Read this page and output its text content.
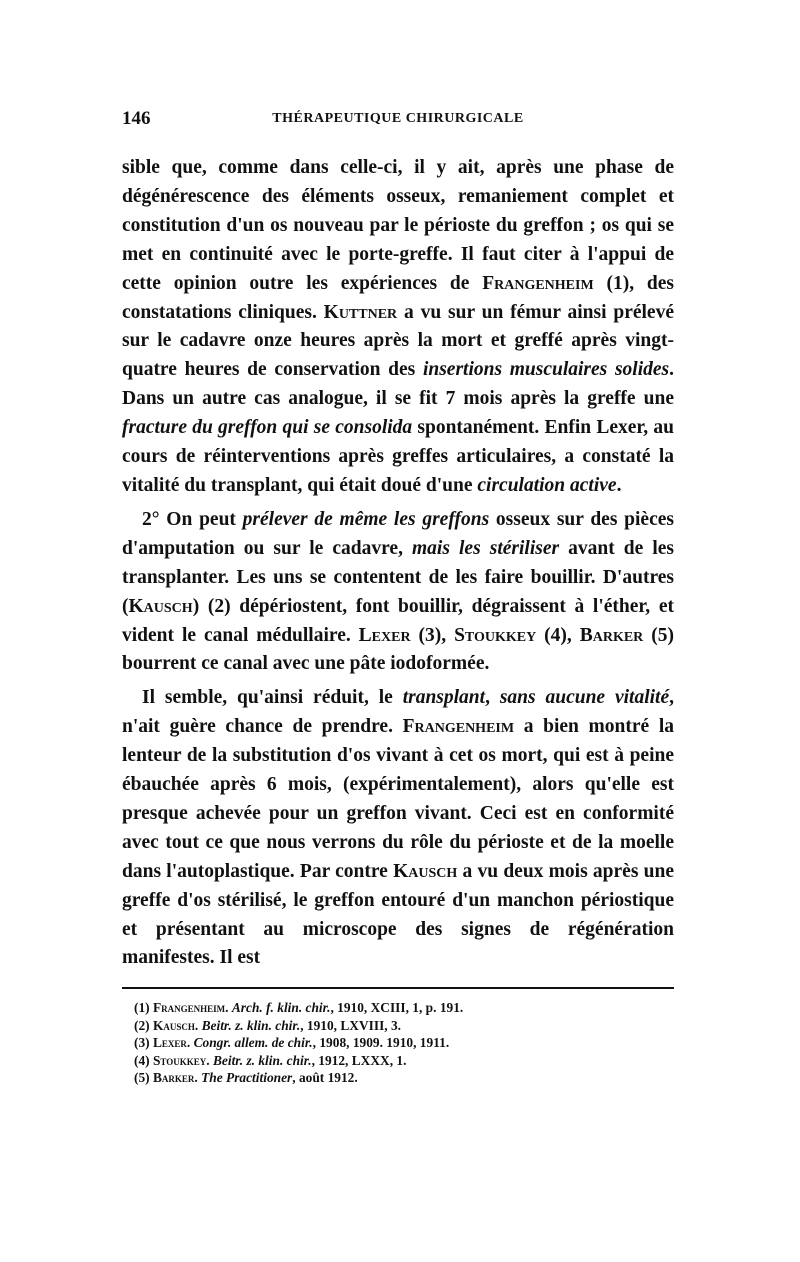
146	THÉRAPEUTIQUE CHIRURGICALE

sible que, comme dans celle-ci, il y ait, après une phase de dégénérescence des éléments osseux, remaniement complet et constitution d'un os nouveau par le périoste du greffon ; os qui se met en continuité avec le porte-greffe. Il faut citer à l'appui de cette opinion outre les expériences de Frangenheim (1), des constatations cliniques. Kuttner a vu sur un fémur ainsi prélevé sur le cadavre onze heures après la mort et greffé après vingt-quatre heures de conservation des insertions musculaires solides. Dans un autre cas analogue, il se fit 7 mois après la greffe une fracture du greffon qui se consolida spontanément. Enfin Lexer, au cours de réinterventions après greffes articulaires, a constaté la vitalité du transplant, qui était doué d'une circulation active.

2° On peut prélever de même les greffons osseux sur des pièces d'amputation ou sur le cadavre, mais les stériliser avant de les transplanter. Les uns se contentent de les faire bouillir. D'autres (Kausch) (2) dépériostent, font bouillir, dégraissent à l'éther, et vident le canal médullaire. Lexer (3), Stoukkey (4), Barker (5) bourrent ce canal avec une pâte iodoformée.

Il semble, qu'ainsi réduit, le transplant, sans aucune vitalité, n'ait guère chance de prendre. Frangenheim a bien montré la lenteur de la substitution d'os vivant à cet os mort, qui est à peine ébauchée après 6 mois, (expérimentalement), alors qu'elle est presque achevée pour un greffon vivant. Ceci est en conformité avec tout ce que nous verrons du rôle du périoste et de la moelle dans l'autoplastique. Par contre Kausch a vu deux mois après une greffe d'os stérilisé, le greffon entouré d'un manchon périostique et présentant au microscope des signes de régénération manifestes. Il est

(1) Frangenheim. Arch. f. klin. chir., 1910, XCIII, 1, p. 191.
(2) Kausch. Beitr. z. klin. chir., 1910, LXVIII, 3.
(3) Lexer. Congr. allem. de chir., 1908, 1909. 1910, 1911.
(4) Stoukkey. Beitr. z. klin. chir., 1912, LXXX, 1.
(5) Barker. The Practitioner, août 1912.
